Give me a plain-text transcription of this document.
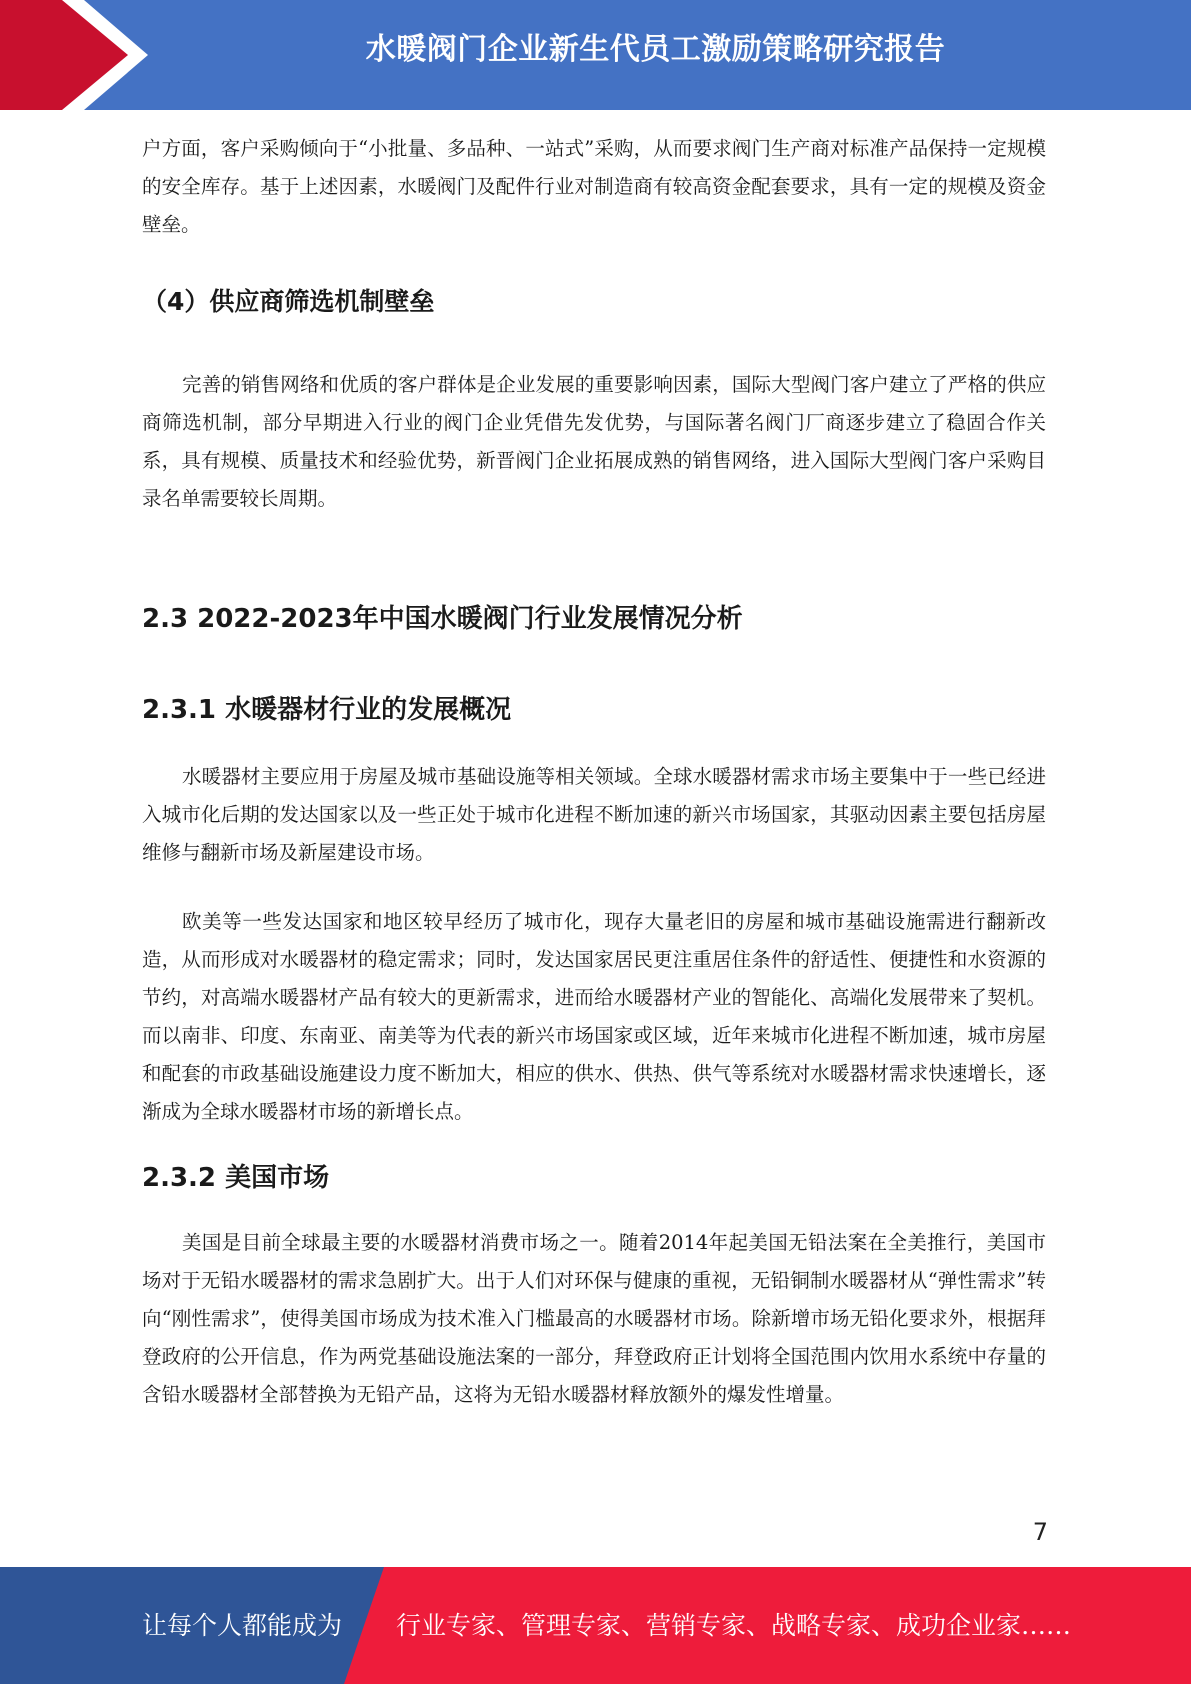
水暖阀门企业新生代员工激励策略研究报告

户方面，客户采购倾向于“小批量、多品种、一站式”采购，从而要求阀门生产商对标准产品保持一定规模的安全库存。基于上述因素，水暖阀门及配件行业对制造商有较高资金配套要求，具有一定的规模及资金壁垒。

（4）供应商筛选机制壁垒

完善的销售网络和优质的客户群体是企业发展的重要影响因素，国际大型阀门客户建立了严格的供应商筛选机制，部分早期进入行业的阀门企业凭借先发优势，与国际著名阀门厂商逐步建立了稳固合作关系，具有规模、质量技术和经验优势，新晋阀门企业拓展成熟的销售网络，进入国际大型阀门客户采购目录名单需要较长周期。

2.3 2022-2023年中国水暖阀门行业发展情况分析
2.3.1 水暖器材行业的发展概况

水暖器材主要应用于房屋及城市基础设施等相关领域。全球水暖器材需求市场主要集中于一些已经进入城市化后期的发达国家以及一些正处于城市化进程不断加速的新兴市场国家，其驱动因素主要包括房屋维修与翻新市场及新屋建设市场。

欧美等一些发达国家和地区较早经历了城市化，现存大量老旧的房屋和城市基础设施需进行翻新改造，从而形成对水暖器材的稳定需求；同时，发达国家居民更注重居住条件的舒适性、便捷性和水资源的节约，对高端水暖器材产品有较大的更新需求，进而给水暖器材产业的智能化、高端化发展带来了契机。而以南非、印度、东南亚、南美等为代表的新兴市场国家或区域，近年来城市化进程不断加速，城市房屋和配套的市政基础设施建设力度不断加大，相应的供水、供热、供气等系统对水暖器材需求快速增长，逐渐成为全球水暖器材市场的新增长点。

2.3.2 美国市场

美国是目前全球最主要的水暖器材消费市场之一。随着2014年起美国无铅法案在全美推行，美国市场对于无铅水暖器材的需求急剧扩大。出于人们对环保与健康的重视，无铅铜制水暖器材从“弹性需求”转向“刚性需求”，使得美国市场成为技术准入门槛最高的水暖器材市场。除新增市场无铅化要求外，根据拜登政府的公开信息，作为两党基础设施法案的一部分，拜登政府正计划将全国范围内饮用水系统中存量的含铅水暖器材全部替换为无铅产品，这将为无铅水暖器材释放额外的爆发性增量。

7
让每个人都能成为 行业专家、管理专家、营销专家、战略专家、成功企业家……
